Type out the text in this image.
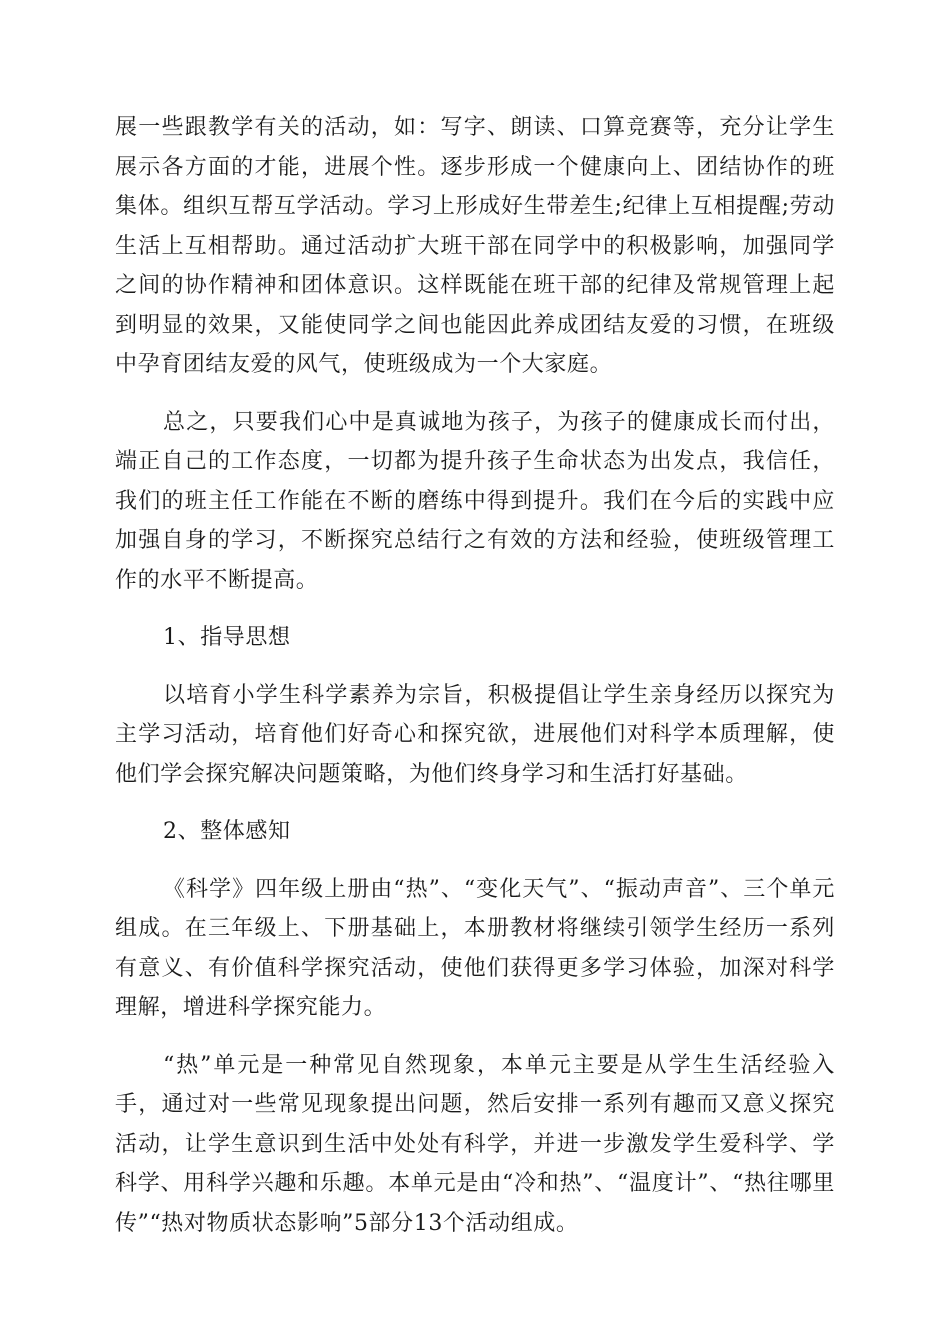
展一些跟教学有关的活动，如：写字、朗读、口算竞赛等，充分让学生展示各方面的才能，进展个性。逐步形成一个健康向上、团结协作的班集体。组织互帮互学活动。学习上形成好生带差生;纪律上互相提醒;劳动生活上互相帮助。通过活动扩大班干部在同学中的积极影响，加强同学之间的协作精神和团体意识。这样既能在班干部的纪律及常规管理上起到明显的效果，又能使同学之间也能因此养成团结友爱的习惯，在班级中孕育团结友爱的风气，使班级成为一个大家庭。

总之，只要我们心中是真诚地为孩子，为孩子的健康成长而付出，端正自己的工作态度，一切都为提升孩子生命状态为出发点，我信任，我们的班主任工作能在不断的磨练中得到提升。我们在今后的实践中应加强自身的学习，不断探究总结行之有效的方法和经验，使班级管理工作的水平不断提高。

1、指导思想

以培育小学生科学素养为宗旨，积极提倡让学生亲身经历以探究为主学习活动，培育他们好奇心和探究欲，进展他们对科学本质理解，使他们学会探究解决问题策略，为他们终身学习和生活打好基础。

2、整体感知

《科学》四年级上册由“热”、“变化天气”、“振动声音”、三个单元组成。在三年级上、下册基础上，本册教材将继续引领学生经历一系列有意义、有价值科学探究活动，使他们获得更多学习体验，加深对科学理解，增进科学探究能力。

“热”单元是一种常见自然现象，本单元主要是从学生生活经验入手，通过对一些常见现象提出问题，然后安排一系列有趣而又意义探究活动，让学生意识到生活中处处有科学，并进一步激发学生爱科学、学科学、用科学兴趣和乐趣。本单元是由“冷和热”、“温度计”、“热往哪里传”“热对物质状态影响”5部分13个活动组成。
